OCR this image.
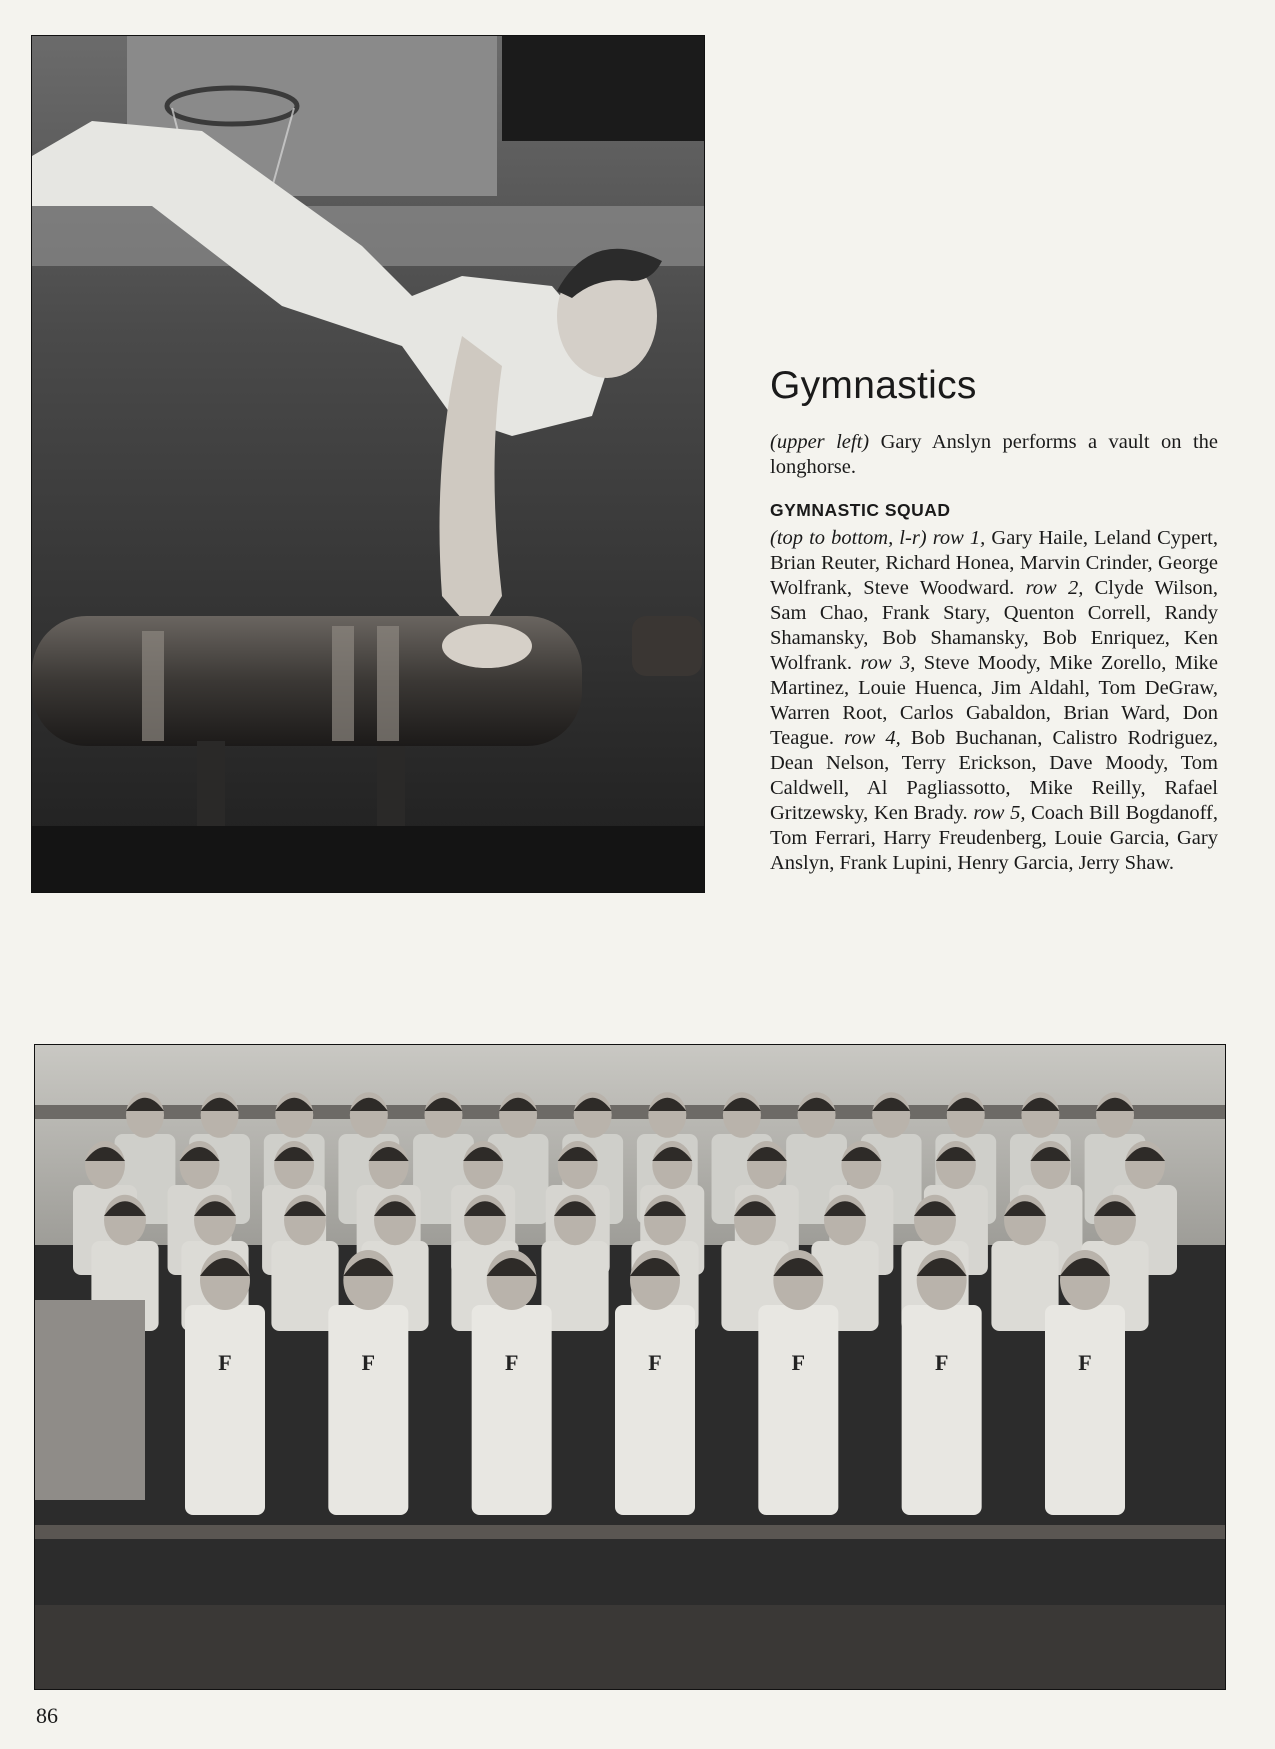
Gymnastics

(upper left) Gary Anslyn performs a vault on the longhorse.

GYMNASTIC SQUAD

(top to bottom, l-r) row 1, Gary Haile, Leland Cypert, Brian Reuter, Richard Honea, Marvin Crinder, George Wolfrank, Steve Woodward. row 2, Clyde Wilson, Sam Chao, Frank Stary, Quenton Correll, Randy Shamansky, Bob Shamansky, Bob Enriquez, Ken Wolfrank. row 3, Steve Moody, Mike Zorello, Mike Martinez, Louie Huenca, Jim Aldahl, Tom DeGraw, Warren Root, Carlos Gabaldon, Brian Ward, Don Teague. row 4, Bob Buchanan, Calistro Rodriguez, Dean Nelson, Terry Erickson, Dave Moody, Tom Caldwell, Al Pagliassotto, Mike Reilly, Rafael Gritzewsky, Ken Brady. row 5, Coach Bill Bogdanoff, Tom Ferrari, Harry Freudenberg, Louie Garcia, Gary Anslyn, Frank Lupini, Henry Garcia, Jerry Shaw.

F	F	F	F	F	F	F
86
